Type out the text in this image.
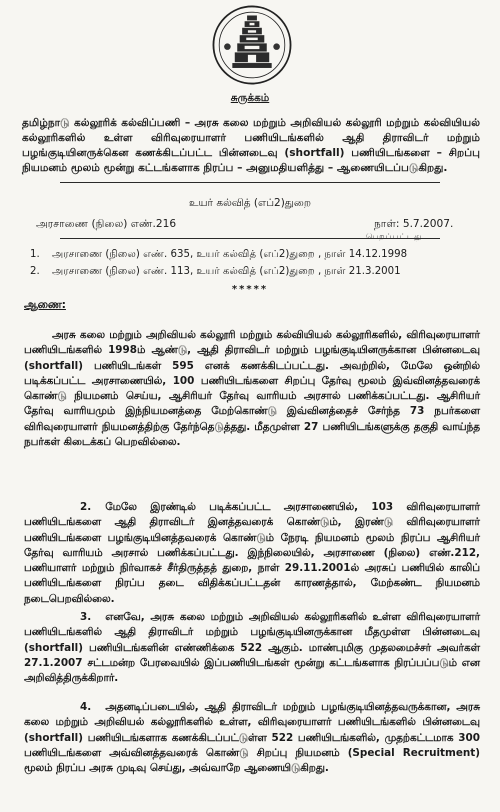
சுருக்கம்

தமிழ்நாடு கல்லூரிக் கல்விப்பணி – அரசு கலை மற்றும் அறிவியல் கல்லூரி மற்றும் கல்வியியல் கல்லூரிகளில் உள்ள விரிவுரையாளர் பணியிடங்களில் ஆதி திராவிடர் மற்றும் பழங்குடியினருக்கென கணக்கிடப்பட்ட பின்னடைவு (shortfall) பணியிடங்களை – சிறப்பு நியமனம் மூலம் மூன்று கட்டங்களாக நிரப்ப – அனுமதியளித்து – ஆணையிடப்படுகிறது.

உயர் கல்வித் (எப்2)துறை

அரசாணை (நிலை) எண்.216	நாள்: 5.7.2007.

பெறப்பட்டது

1. அரசாணை (நிலை) எண். 635, உயர் கல்வித் (எப்2)துறை , நாள் 14.12.1998
2. அரசாணை (நிலை) எண். 113, உயர் கல்வித் (எப்2)துறை , நாள் 21.3.2001

*****

ஆணை:

அரசு கலை மற்றும் அறிவியல் கல்லூரி மற்றும் கல்வியியல் கல்லூரிகளில், விரிவுரையாளர் பணியிடங்களில் 1998ம் ஆண்டு, ஆதி திராவிடர் மற்றும் பழங்குடியினருக்கான பின்னடைவு (shortfall) பணியிடங்கள் 595 எனக் கணக்கிடப்பட்டது. அவற்றில், மேலே ஒன்றில் படிக்கப்பட்ட அரசாணையில், 100 பணியிடங்களை சிறப்பு தேர்வு மூலம் இவ்வினத்தவரைக் கொண்டு நியமனம் செய்ய, ஆசிரியர் தேர்வு வாரியம் அரசால் பணிக்கப்பட்டது. ஆசிரியர் தேர்வு வாரியமும் இந்நியமனத்தை மேற்கொண்டு இவ்வினத்தைச் சேர்ந்த 73 நபர்களை விரிவுரையாளர் நியமனத்திற்கு தேர்ந்தெடுத்தது. மீதமுள்ள 27 பணியிடங்களுக்கு தகுதி வாய்ந்த நபர்கள் கிடைக்கப் பெறவில்லை.

2. மேலே இரண்டில் படிக்கப்பட்ட அரசாணையில், 103 விரிவுரையாளர் பணியிடங்களை ஆதி திராவிடர் இனத்தவரைக் கொண்டும், இரண்டு விரிவுரையாளர் பணியிடங்களை பழங்குடியினத்தவரைக் கொண்டும் நேரடி நியமனம் மூலம் நிரப்ப ஆசிரியர் தேர்வு வாரியம் அரசால் பணிக்கப்பட்டது. இந்நிலையில், அரசாணை (நிலை) எண்.212, பணியாளர் மற்றும் நிர்வாகச் சீர்திருத்தத் துறை, நாள் 29.11.2001ல் அரசுப் பணியில் காலிப் பணியிடங்களை நிரப்ப தடை விதிக்கப்பட்டதன் காரணத்தால், மேற்கண்ட நியமனம் நடைபெறவில்லை.

3. எனவே, அரசு கலை மற்றும் அறிவியல் கல்லூரிகளில் உள்ள விரிவுரையாளர் பணியிடங்களில் ஆதி திராவிடர் மற்றும் பழங்குடியினருக்கான மீதமுள்ள பின்னடைவு (shortfall) பணியிடங்களின் எண்ணிக்கை 522 ஆகும். மாண்புமிகு முதலமைச்சர் அவர்கள் 27.1.2007 சட்டமன்ற பேரவையில் இப்பணியிடங்கள் மூன்று கட்டங்களாக நிரப்பப்படும் என அறிவித்திருக்கிறார்.

4. அதனடிப்படையில், ஆதி திராவிடர் மற்றும் பழங்குடியினத்தவருக்கான, அரசு கலை மற்றும் அறிவியல் கல்லூரிகளில் உள்ள, விரிவுரையாளர் பணியிடங்களில் பின்னடைவு (shortfall) பணியிடங்களாக கணக்கிடப்பட்டுள்ள 522 பணியிடங்களில், முதற்கட்டமாக 300 பணியிடங்களை அவ்வினத்தவரைக் கொண்டு சிறப்பு நியமனம் (Special Recruitment) மூலம் நிரப்ப அரசு முடிவு செய்து, அவ்வாறே ஆணையிடுகிறது.
